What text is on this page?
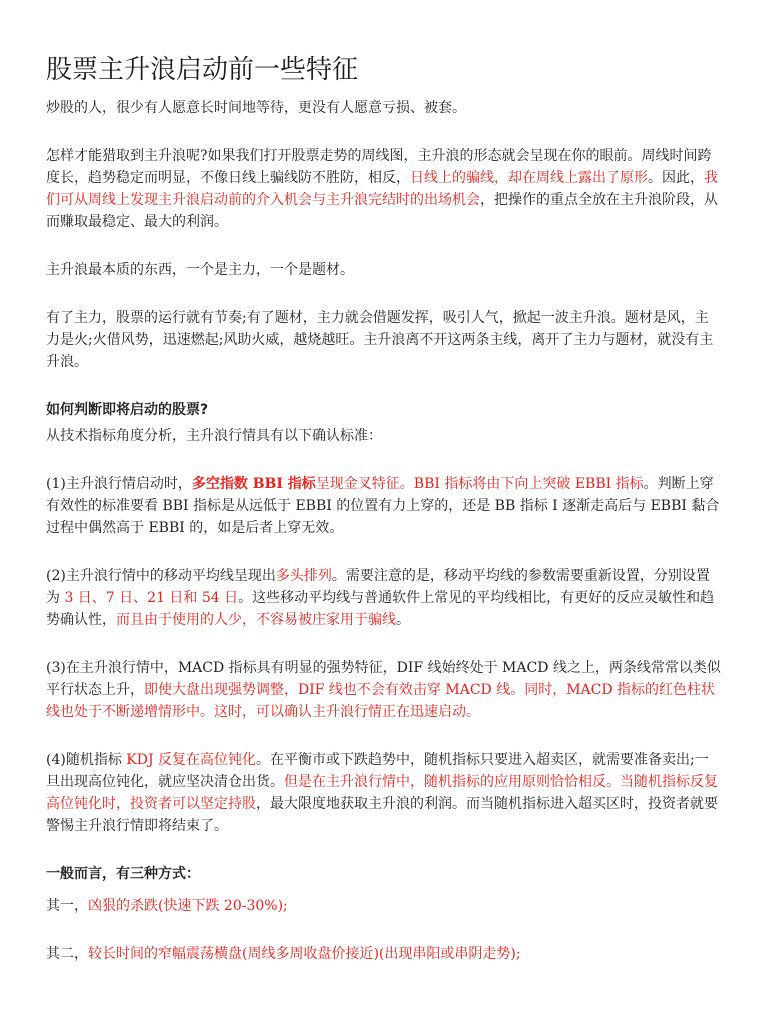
股票主升浪启动前一些特征

炒股的人，很少有人愿意长时间地等待，更没有人愿意亏损、被套。

怎样才能猎取到主升浪呢?如果我们打开股票走势的周线图，主升浪的形态就会呈现在你的眼前。周线时间跨度长，趋势稳定而明显，不像日线上骗线防不胜防，相反，日线上的骗线，却在周线上露出了原形。因此，我们可从周线上发现主升浪启动前的介入机会与主升浪完结时的出场机会，把操作的重点全放在主升浪阶段，从而赚取最稳定、最大的利润。

主升浪最本质的东西，一个是主力，一个是题材。

有了主力，股票的运行就有节奏;有了题材，主力就会借题发挥，吸引人气，掀起一波主升浪。题材是风，主力是火;火借风势，迅速燃起;风助火威，越烧越旺。主升浪离不开这两条主线，离开了主力与题材，就没有主升浪。

如何判断即将启动的股票?

从技术指标角度分析，主升浪行情具有以下确认标准：

(1)主升浪行情启动时，多空指数 BBI 指标呈现金叉特征。BBI 指标将由下向上突破 EBBI 指标。判断上穿有效性的标准要看 BBI 指标是从远低于 EBBI 的位置有力上穿的，还是 BB 指标 I 逐渐走高后与 EBBI 黏合过程中偶然高于 EBBI 的，如是后者上穿无效。

(2)主升浪行情中的移动平均线呈现出多头排列。需要注意的是，移动平均线的参数需要重新设置，分别设置为 3 日、7 日、21 日和 54 日。这些移动平均线与普通软件上常见的平均线相比，有更好的反应灵敏性和趋势确认性，而且由于使用的人少，不容易被庄家用于骗线。

(3)在主升浪行情中，MACD 指标具有明显的强势特征，DIF 线始终处于 MACD 线之上，两条线常常以类似平行状态上升，即使大盘出现强势调整，DIF 线也不会有效击穿 MACD 线。同时，MACD 指标的红色柱状线也处于不断递增情形中。这时，可以确认主升浪行情正在迅速启动。

(4)随机指标 KDJ 反复在高位钝化。在平衡市或下跌趋势中，随机指标只要进入超卖区，就需要准备卖出;一旦出现高位钝化，就应坚决清仓出货。但是在主升浪行情中，随机指标的应用原则恰恰相反。当随机指标反复高位钝化时，投资者可以坚定持股，最大限度地获取主升浪的利润。而当随机指标进入超买区时，投资者就要警惕主升浪行情即将结束了。

一般而言，有三种方式：

其一，凶狠的杀跌(快速下跌 20-30%);

其二，较长时间的窄幅震荡横盘(周线多周收盘价接近)(出现串阳或串阴走势);
